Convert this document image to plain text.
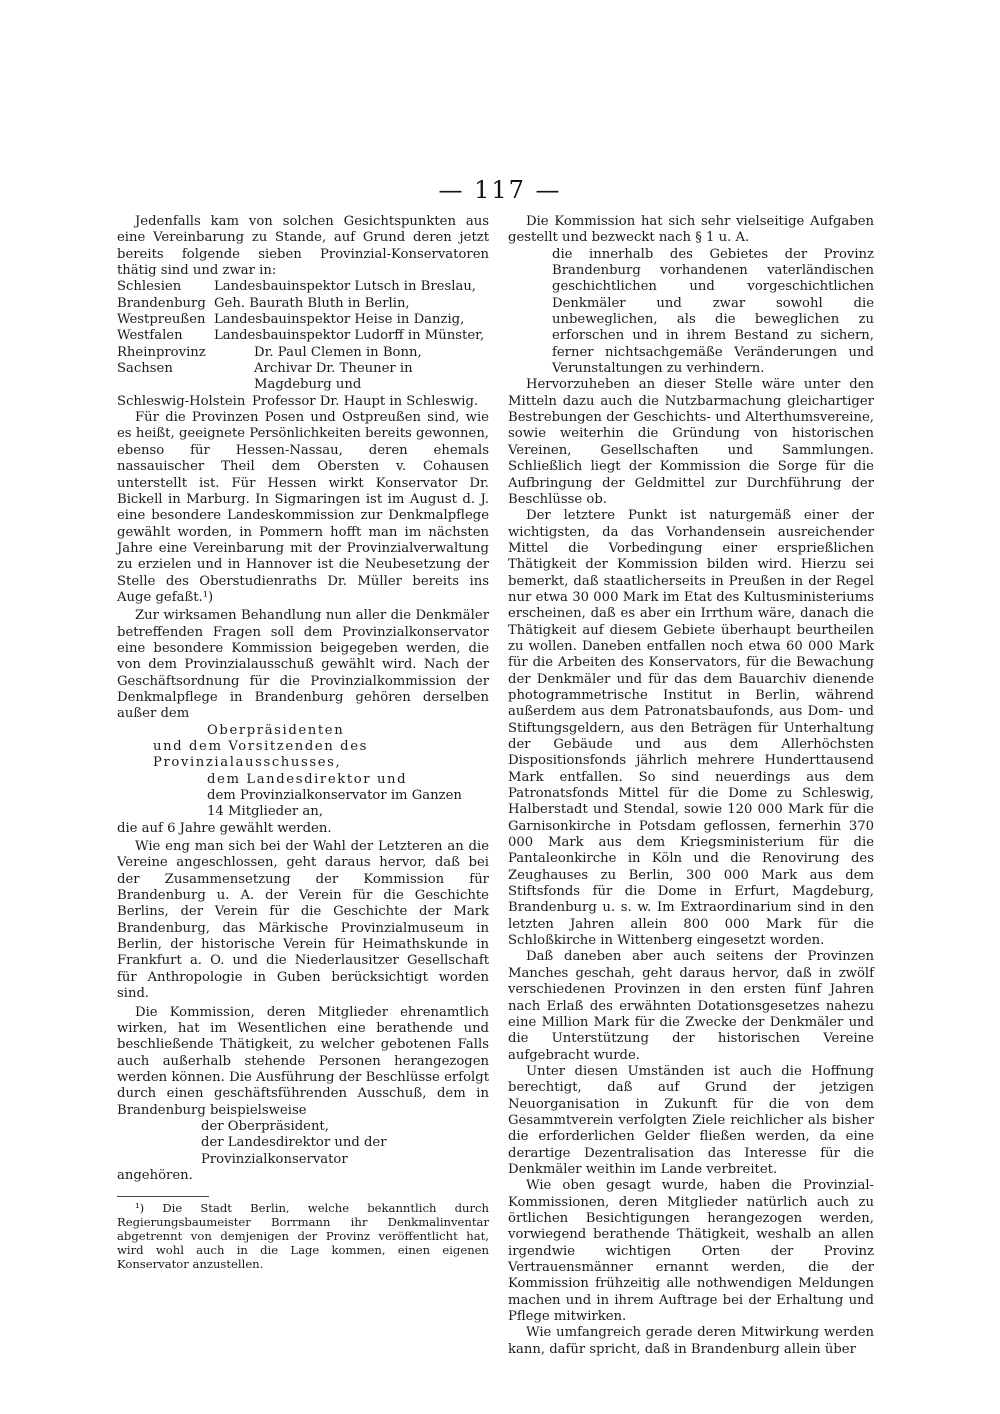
— 117 —

Jedenfalls kam von solchen Gesichtspunkten aus eine Vereinbarung zu Stande, auf Grund deren jetzt bereits folgende sieben Provinzial-Konservatoren thätig sind und zwar in:

Schlesien	Landesbauinspektor Lutsch in Breslau,
Brandenburg Geh. Baurath Bluth in Berlin,
Westpreußen Landesbauinspektor Heise in Danzig,
Westfalen	Landesbauinspektor Ludorff in Münster,
Rheinprovinz	Dr. Paul Clemen in Bonn,
Sachsen	Archivar Dr. Theuner in Magdeburg und
Schleswig-Holstein Professor Dr. Haupt in Schleswig.

Für die Provinzen Posen und Ostpreußen sind, wie es heißt, geeignete Persönlichkeiten bereits gewonnen, ebenso für Hessen-Nassau, deren ehemals nassauischer Theil dem Obersten v. Cohausen unterstellt ist. Für Hessen wirkt Konservator Dr. Bickell in Marburg. In Sigmaringen ist im August d. J. eine besondere Landeskommission zur Denkmalpflege gewählt worden, in Pommern hofft man im nächsten Jahre eine Vereinbarung mit der Provinzialverwaltung zu erzielen und in Hannover ist die Neubesetzung der Stelle des Oberstudienraths Dr. Müller bereits ins Auge gefaßt.¹)

Zur wirksamen Behandlung nun aller die Denkmäler betreffenden Fragen soll dem Provinzialkonservator eine besondere Kommission beigegeben werden, die von dem Provinzialausschuß gewählt wird. Nach der Geschäftsordnung für die Provinzialkommission der Denkmalpflege in Brandenburg gehören derselben außer dem

Oberpräsidenten
und dem Vorsitzenden des Provinzialausschusses,
dem Landesdirektor und
dem Provinzialkonservator im Ganzen
14 Mitglieder an,
die auf 6 Jahre gewählt werden.

Wie eng man sich bei der Wahl der Letzteren an die Vereine angeschlossen, geht daraus hervor, daß bei der Zusammensetzung der Kommission für Brandenburg u. A. der Verein für die Geschichte Berlins, der Verein für die Geschichte der Mark Brandenburg, das Märkische Provinzialmuseum in Berlin, der historische Verein für Heimathskunde in Frankfurt a. O. und die Niederlausitzer Gesellschaft für Anthropologie in Guben berücksichtigt worden sind.

Die Kommission, deren Mitglieder ehrenamtlich wirken, hat im Wesentlichen eine berathende und beschließende Thätigkeit, zu welcher gebotenen Falls auch außerhalb stehende Personen herangezogen werden können. Die Ausführung der Beschlüsse erfolgt durch einen geschäftsführenden Ausschuß, dem in Brandenburg beispielsweise

der Oberpräsident,
der Landesdirektor und der
Provinzialkonservator
angehören.

¹) Die Stadt Berlin, welche bekanntlich durch Regierungsbaumeister Borrmann ihr Denkmalinventar abgetrennt von demjenigen der Provinz veröffentlicht hat, wird wohl auch in die Lage kommen, einen eigenen Konservator anzustellen.

Die Kommission hat sich sehr vielseitige Aufgaben gestellt und bezweckt nach § 1 u. A.

die innerhalb des Gebietes der Provinz Brandenburg vorhandenen vaterländischen geschichtlichen und vorgeschichtlichen Denkmäler und zwar sowohl die unbeweglichen, als die beweglichen zu erforschen und in ihrem Bestand zu sichern, ferner nichtsachgemäße Veränderungen und Verunstaltungen zu verhindern.

Hervorzuheben an dieser Stelle wäre unter den Mitteln dazu auch die Nutzbarmachung gleichartiger Bestrebungen der Geschichts- und Alterthumsvereine, sowie weiterhin die Gründung von historischen Vereinen, Gesellschaften und Sammlungen. Schließlich liegt der Kommission die Sorge für die Aufbringung der Geldmittel zur Durchführung der Beschlüsse ob.

Der letztere Punkt ist naturgemäß einer der wichtigsten, da das Vorhandensein ausreichender Mittel die Vorbedingung einer ersprießlichen Thätigkeit der Kommission bilden wird. Hierzu sei bemerkt, daß staatlicherseits in Preußen in der Regel nur etwa 30 000 Mark im Etat des Kultusministeriums erscheinen, daß es aber ein Irrthum wäre, danach die Thätigkeit auf diesem Gebiete überhaupt beurtheilen zu wollen. Daneben entfallen noch etwa 60 000 Mark für die Arbeiten des Konservators, für die Bewachung der Denkmäler und für das dem Bauarchiv dienende photogrammetrische Institut in Berlin, während außerdem aus dem Patronatsbaufonds, aus Dom- und Stiftungsgeldern, aus den Beträgen für Unterhaltung der Gebäude und aus dem Allerhöchsten Dispositionsfonds jährlich mehrere Hunderttausend Mark entfallen. So sind neuerdings aus dem Patronatsfonds Mittel für die Dome zu Schleswig, Halberstadt und Stendal, sowie 120 000 Mark für die Garnisonkirche in Potsdam geflossen, fernerhin 370 000 Mark aus dem Kriegsministerium für die Pantaleonkirche in Köln und die Renovirung des Zeughauses zu Berlin, 300 000 Mark aus dem Stiftsfonds für die Dome in Erfurt, Magdeburg, Brandenburg u. s. w. Im Extraordinarium sind in den letzten Jahren allein 800 000 Mark für die Schloßkirche in Wittenberg eingesetzt worden.

Daß daneben aber auch seitens der Provinzen Manches geschah, geht daraus hervor, daß in zwölf verschiedenen Provinzen in den ersten fünf Jahren nach Erlaß des erwähnten Dotationsgesetzes nahezu eine Million Mark für die Zwecke der Denkmäler und die Unterstützung der historischen Vereine aufgebracht wurde.

Unter diesen Umständen ist auch die Hoffnung berechtigt, daß auf Grund der jetzigen Neuorganisation in Zukunft für die von dem Gesammtverein verfolgten Ziele reichlicher als bisher die erforderlichen Gelder fließen werden, da eine derartige Dezentralisation das Interesse für die Denkmäler weithin im Lande verbreitet.

Wie oben gesagt wurde, haben die Provinzial-Kommissionen, deren Mitglieder natürlich auch zu örtlichen Besichtigungen herangezogen werden, vorwiegend berathende Thätigkeit, weshalb an allen irgendwie wichtigen Orten der Provinz Vertrauensmänner ernannt werden, die der Kommission frühzeitig alle nothwendigen Meldungen machen und in ihrem Auftrage bei der Erhaltung und Pflege mitwirken.

Wie umfangreich gerade deren Mitwirkung werden kann, dafür spricht, daß in Brandenburg allein über
